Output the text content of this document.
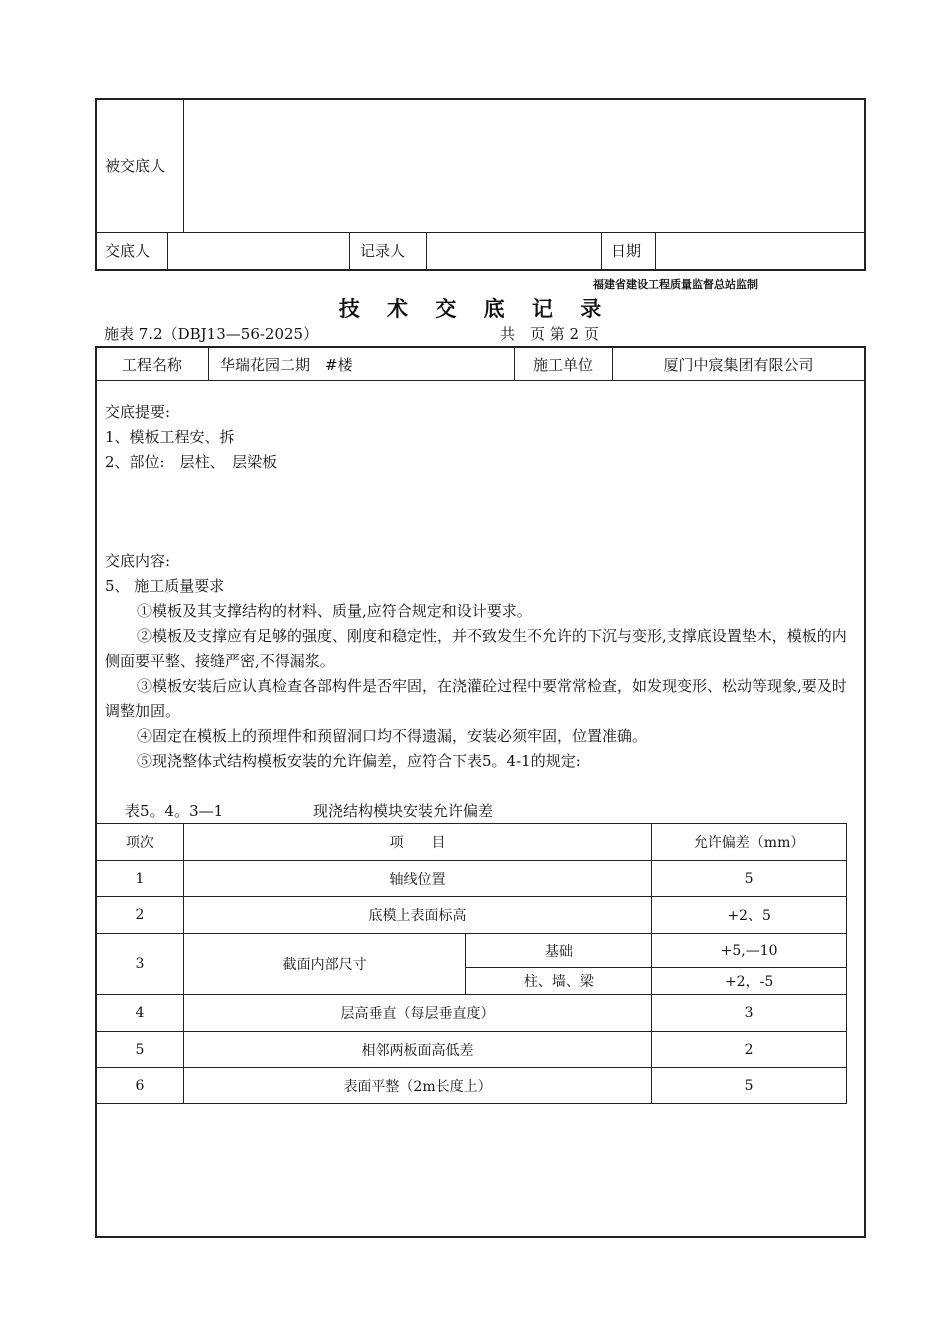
被交底人
交底人	记录人	日期
福建省建设工程质量监督总站监制
技 术 交 底 记 录
施表 7.2（DBJ13—56-2025）	共　页 第 2 页
工程名称	华瑞花园二期　#楼	施工单位	厦门中宸集团有限公司
交底提要:
1、模板工程安、拆
2、部位:　层柱、　层梁板
交底内容:
5、 施工质量要求
①模板及其支撑结构的材料、质量,应符合规定和设计要求。
②模板及支撑应有足够的强度、刚度和稳定性，并不致发生不允许的下沉与变形,支撑底设置垫木，模板的内侧面要平整、接缝严密,不得漏浆。
③模板安装后应认真检查各部构件是否牢固，在浇灌砼过程中要常常检查，如发现变形、松动等现象,要及时调整加固。
④固定在模板上的预埋件和预留洞口均不得遗漏，安装必须牢固，位置准确。
⑤现浇整体式结构模板安装的允许偏差，应符合下表5。4-1的规定:
表5。4。3—1	现浇结构模块安装允许偏差
项次	项　　目		允许偏差（mm）
1	轴线位置		5
2	底模上表面标高		+2、5
3	截面内部尺寸	基础	+5,—10
		柱、墙、梁	+2，-5
4	层高垂直（每层垂直度）		3
5	相邻两板面高低差		2
6	表面平整（2m长度上）		5
